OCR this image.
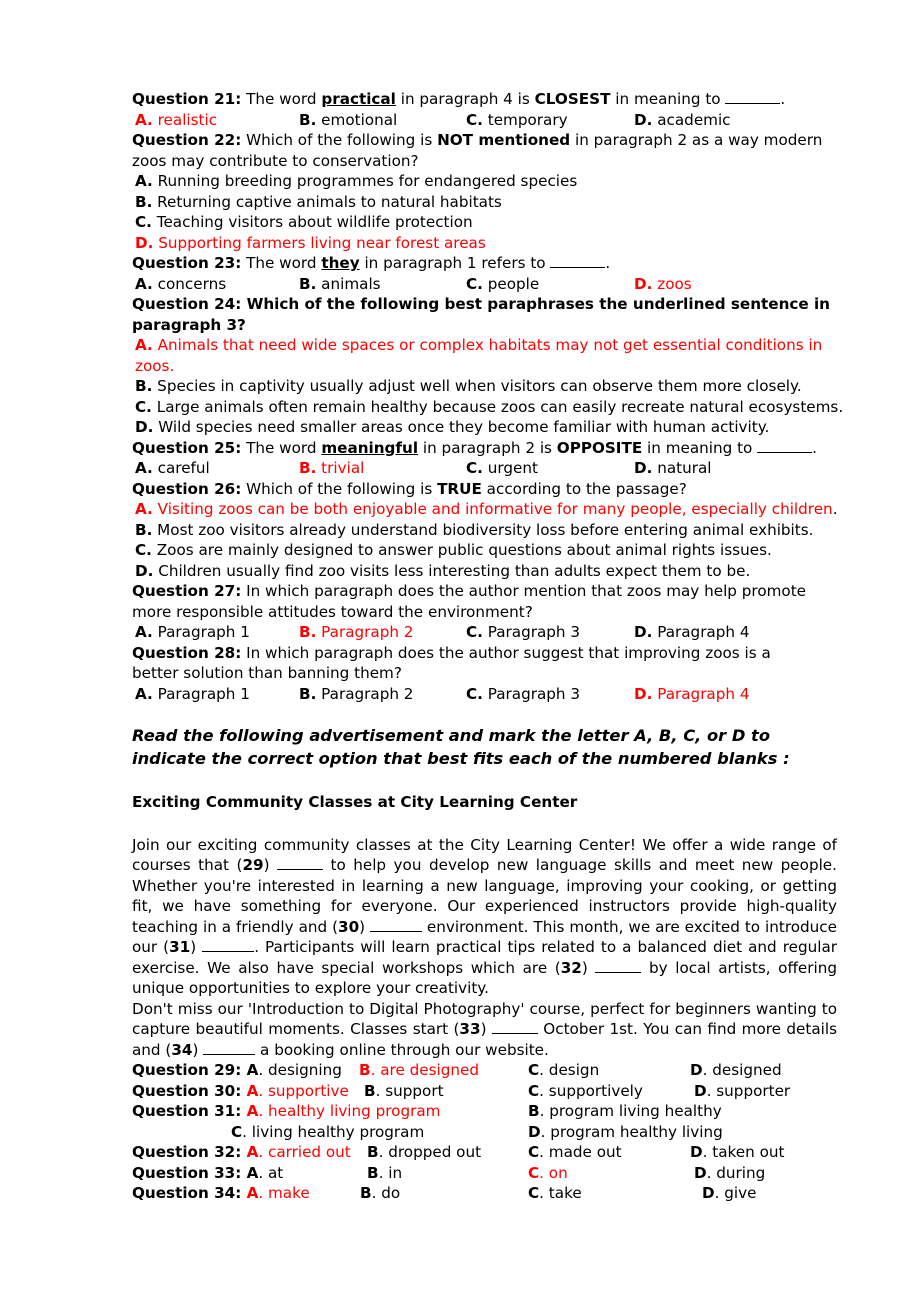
Question 21: The word practical in paragraph 4 is CLOSEST in meaning to	.
A. realistic	B. emotional	C. temporary	D. academic
Question 22: Which of the following is NOT mentioned in paragraph 2 as a way modern zoos may contribute to conservation?
A. Running breeding programmes for endangered species
B. Returning captive animals to natural habitats
C. Teaching visitors about wildlife protection
D. Supporting farmers living near forest areas
Question 23: The word they in paragraph 1 refers to	.
A. concerns	B. animals	C. people	D. zoos
Question 24: Which of the following best paraphrases the underlined sentence in paragraph 3?
A. Animals that need wide spaces or complex habitats may not get essential conditions in zoos.
B. Species in captivity usually adjust well when visitors can observe them more closely.
C. Large animals often remain healthy because zoos can easily recreate natural ecosystems.
D. Wild species need smaller areas once they become familiar with human activity.
Question 25: The word meaningful in paragraph 2 is OPPOSITE in meaning to	.
A. careful	B. trivial	C. urgent	D. natural
Question 26: Which of the following is TRUE according to the passage?
A. Visiting zoos can be both enjoyable and informative for many people, especially children.
B. Most zoo visitors already understand biodiversity loss before entering animal exhibits.
C. Zoos are mainly designed to answer public questions about animal rights issues.
D. Children usually find zoo visits less interesting than adults expect them to be.
Question 27: In which paragraph does the author mention that zoos may help promote more responsible attitudes toward the environment?
A. Paragraph 1	B. Paragraph 2	C. Paragraph 3	D. Paragraph 4
Question 28: In which paragraph does the author suggest that improving zoos is a better solution than banning them?
A. Paragraph 1	B. Paragraph 2	C. Paragraph 3	D. Paragraph 4
Read the following advertisement and mark the letter A, B, C, or D to indicate the correct option that best fits each of the numbered blanks :
Exciting Community Classes at City Learning Center

Join our exciting community classes at the City Learning Center! We offer a wide range of courses that (29)	to help you develop new language skills and meet new people. Whether you're interested in learning a new language, improving your cooking, or getting fit, we have something for everyone. Our experienced instructors provide high-quality teaching in a friendly and (30)	environment. This month, we are excited to introduce our (31)	. Participants will learn practical tips related to a balanced diet and regular exercise. We also have special workshops which are (32)	by local artists, offering unique opportunities to explore your creativity.

Don't miss our 'Introduction to Digital Photography' course, perfect for beginners wanting to capture beautiful moments. Classes start (33)	October 1st. You can find more details and (34)	a booking online through our website.

Question 29: A. designing B. are designed	C. design	D. designed
Question 30: A. supportive B. support	C. supportively	D. supporter
Question 31: A. healthy living program	B. program living healthy
C. living healthy program	D. program healthy living
Question 32: A. carried out B. dropped out	C. made out	D. taken out
Question 33: A. at	B. in	C. on	D. during
Question 34: A. make	B. do	C. take	D. give
